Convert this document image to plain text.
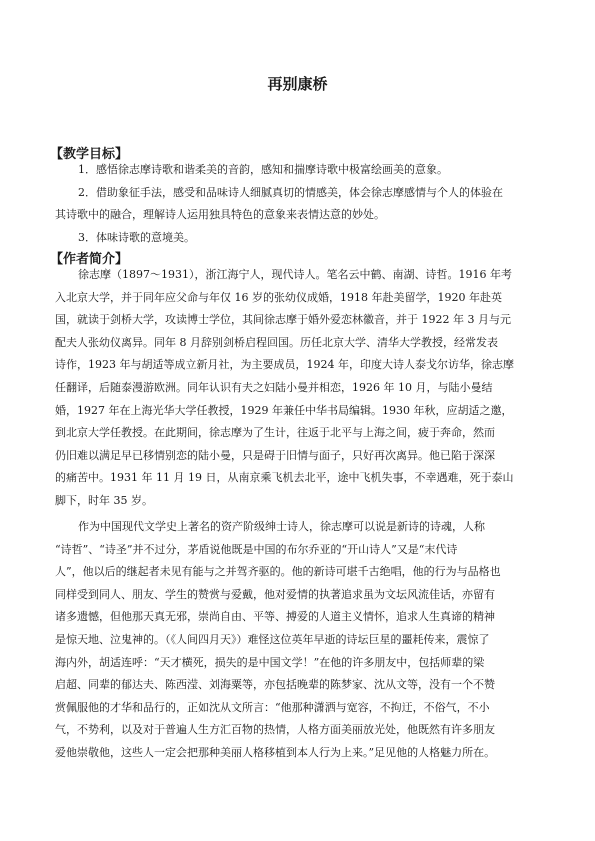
再别康桥
【教学目标】
1．感悟徐志摩诗歌和谐柔美的音韵，感知和揣摩诗歌中极富绘画美的意象。
2．借助象征手法，感受和品味诗人细腻真切的情感美，体会徐志摩感情与个人的体验在
其诗歌中的融合，理解诗人运用独具特色的意象来表情达意的妙处。
3．体味诗歌的意境美。
【作者简介】
徐志摩（1897～1931），浙江海宁人，现代诗人。笔名云中鹤、南湖、诗哲。1916 年考
入北京大学，并于同年应父命与年仅 16 岁的张幼仪成婚，1918 年赴美留学，1920 年赴英
国，就读于剑桥大学，攻读博士学位，其间徐志摩于婚外爱恋林徽音，并于 1922 年 3 月与元
配夫人张幼仪离异。同年 8 月辞别剑桥启程回国。历任北京大学、清华大学教授，经常发表
诗作，1923 年与胡适等成立新月社，为主要成员，1924 年，印度大诗人泰戈尔访华，徐志摩
任翻译，后随泰漫游欧洲。同年认识有夫之妇陆小曼并相恋，1926 年 10 月，与陆小曼结
婚，1927 年在上海光华大学任教授，1929 年兼任中华书局编辑。1930 年秋，应胡适之邀，
到北京大学任教授。在此期间，徐志摩为了生计，往返于北平与上海之间，疲于奔命，然而
仍旧难以满足早已移情别恋的陆小曼，只是碍于旧情与面子，只好再次离异。他已陷于深深
的痛苦中。1931 年 11 月 19 日，从南京乘飞机去北平，途中飞机失事，不幸遇难，死于泰山
脚下，时年 35 岁。
作为中国现代文学史上著名的资产阶级绅士诗人，徐志摩可以说是新诗的诗魂，人称
“诗哲”、“诗圣”并不过分，茅盾说他既是中国的布尔乔亚的“开山诗人”又是“末代诗
人”，他以后的继起者未见有能与之并驾齐驱的。他的新诗可堪千古绝唱，他的行为与品格也
同样受到同人、朋友、学生的赞赏与爱戴，他对爱情的执著追求虽为文坛风流佳话，亦留有
诸多遗憾，但他那天真无邪，崇尚自由、平等、搏爱的人道主义情怀，追求人生真谛的精神
是惊天地、泣鬼神的。（《人间四月天》）难怪这位英年早逝的诗坛巨星的噩耗传来，震惊了
海内外，胡适连呼：“天才横死，损失的是中国文学！”在他的许多朋友中，包括师辈的梁
启超、同辈的郁达夫、陈西滢、刘海粟等，亦包括晚辈的陈梦家、沈从文等，没有一个不赞
赏佩服他的才华和品行的，正如沈从文所言：“他那种潇洒与宽容，不拘迂，不俗气，不小
气，不势利，以及对于普遍人生方汇百物的热情，人格方面美丽放光处，他既然有许多朋友
爱他崇敬他，这些人一定会把那种美丽人格移植到本人行为上来。”足见他的人格魅力所在。
